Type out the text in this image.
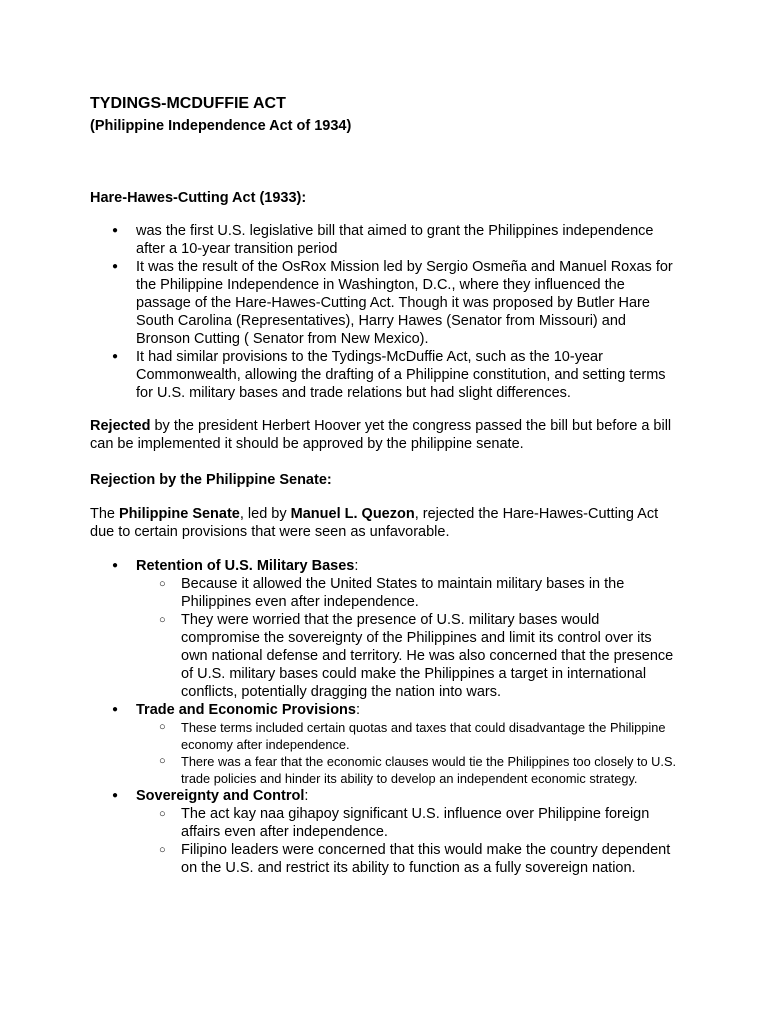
TYDINGS-MCDUFFIE ACT
(Philippine Independence Act of 1934)
Hare-Hawes-Cutting Act (1933):
● was the first U.S. legislative bill that aimed to grant the Philippines independence after a 10-year transition period
● It was the result of the OsRox Mission led by Sergio Osmeña and Manuel Roxas for the Philippine Independence in Washington, D.C., where they influenced the passage of the Hare-Hawes-Cutting Act. Though it was proposed by Butler Hare South Carolina (Representatives), Harry Hawes (Senator from Missouri) and Bronson Cutting ( Senator from New Mexico).
● It had similar provisions to the Tydings-McDuffie Act, such as the 10-year Commonwealth, allowing the drafting of a Philippine constitution, and setting terms for U.S. military bases and trade relations but had slight differences.

Rejected by the president Herbert Hoover yet the congress passed the bill but before a bill can be implemented it should be approved by the philippine senate.

Rejection by the Philippine Senate:

The Philippine Senate, led by Manuel L. Quezon, rejected the Hare-Hawes-Cutting Act due to certain provisions that were seen as unfavorable.

● Retention of U.S. Military Bases:
○ Because it allowed the United States to maintain military bases in the Philippines even after independence.
○ They were worried that the presence of U.S. military bases would compromise the sovereignty of the Philippines and limit its control over its own national defense and territory. He was also concerned that the presence of U.S. military bases could make the Philippines a target in international conflicts, potentially dragging the nation into wars.
● Trade and Economic Provisions:
○ These terms included certain quotas and taxes that could disadvantage the Philippine economy after independence.
○ There was a fear that the economic clauses would tie the Philippines too closely to U.S. trade policies and hinder its ability to develop an independent economic strategy.
● Sovereignty and Control:
○ The act kay naa gihapoy significant U.S. influence over Philippine foreign affairs even after independence.
○ Filipino leaders were concerned that this would make the country dependent on the U.S. and restrict its ability to function as a fully sovereign nation.
